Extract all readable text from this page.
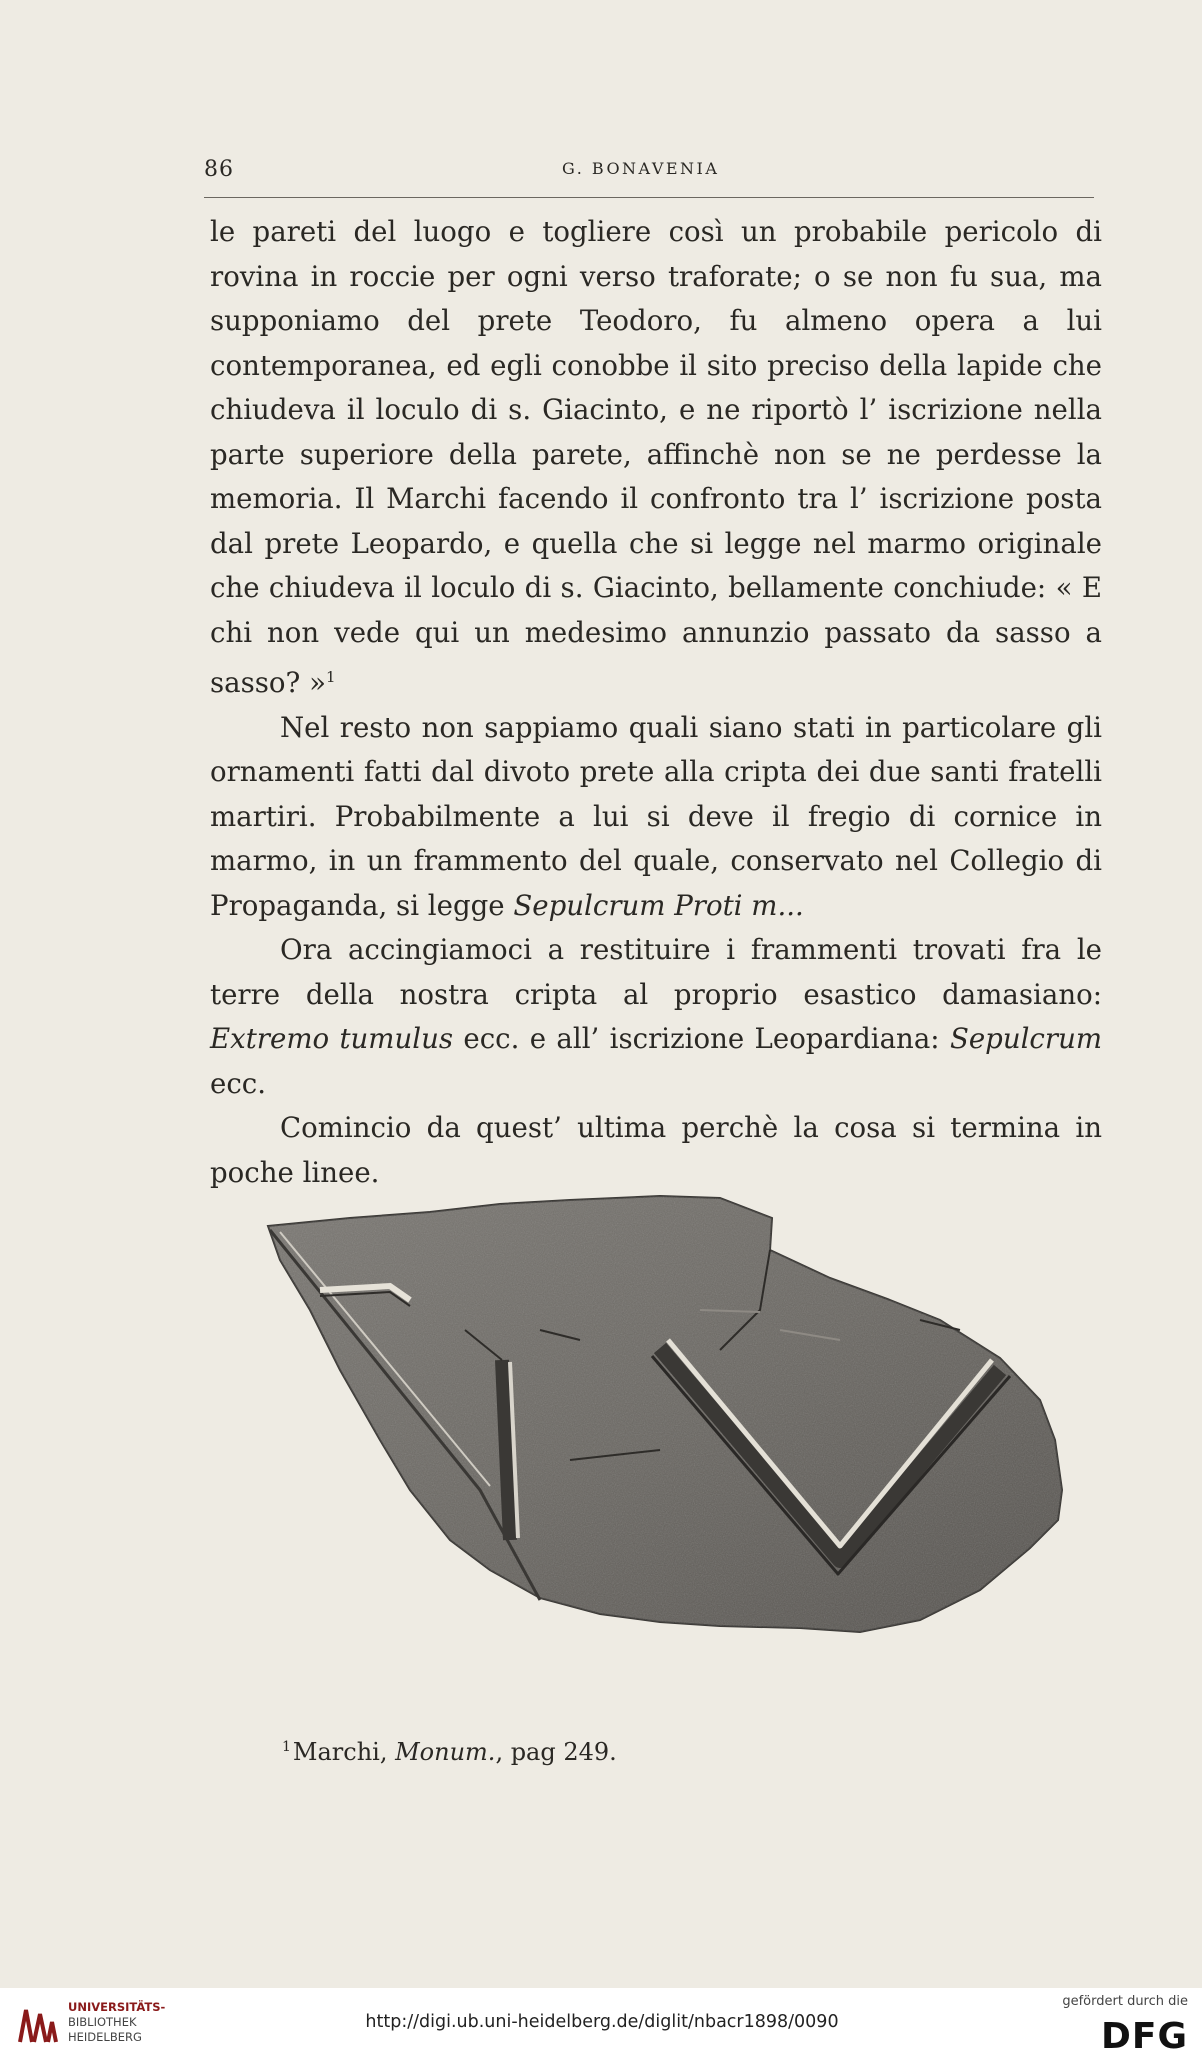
86	G. BONAVENIA

le pareti del luogo e togliere così un probabile pericolo di rovina in roccie per ogni verso traforate; o se non fu sua, ma supponiamo del prete Teodoro, fu almeno opera a lui contemporanea, ed egli conobbe il sito preciso della lapide che chiudeva il loculo di s. Giacinto, e ne riportò l’ iscrizione nella parte superiore della parete, affinchè non se ne perdesse la memoria. Il Marchi facendo il confronto tra l’ iscrizione posta dal prete Leopardo, e quella che si legge nel marmo originale che chiudeva il loculo di s. Giacinto, bellamente conchiude: « E chi non vede qui un medesimo annunzio passato da sasso a sasso? »$^1$

Nel resto non sappiamo quali siano stati in particolare gli ornamenti fatti dal divoto prete alla cripta dei due santi fratelli martiri. Probabilmente a lui si deve il fregio di cornice in marmo, in un frammento del quale, conservato nel Collegio di Propaganda, si legge Sepulcrum Proti m...

Ora accingiamoci a restituire i frammenti trovati fra le terre della nostra cripta al proprio esastico damasiano: Extremo tumulus ecc. e all’ iscrizione Leopardiana: Sepulcrum ecc.

Comincio da quest’ ultima perchè la cosa si termina in poche linee.

$^1$Marchi, Monum., pag 249.
UNIVERSITÄTS-
BIBLIOTHEK
HEIDELBERG
http://digi.ub.uni-heidelberg.de/diglit/nbacr1898/0090
gefördert durch die
DFG
